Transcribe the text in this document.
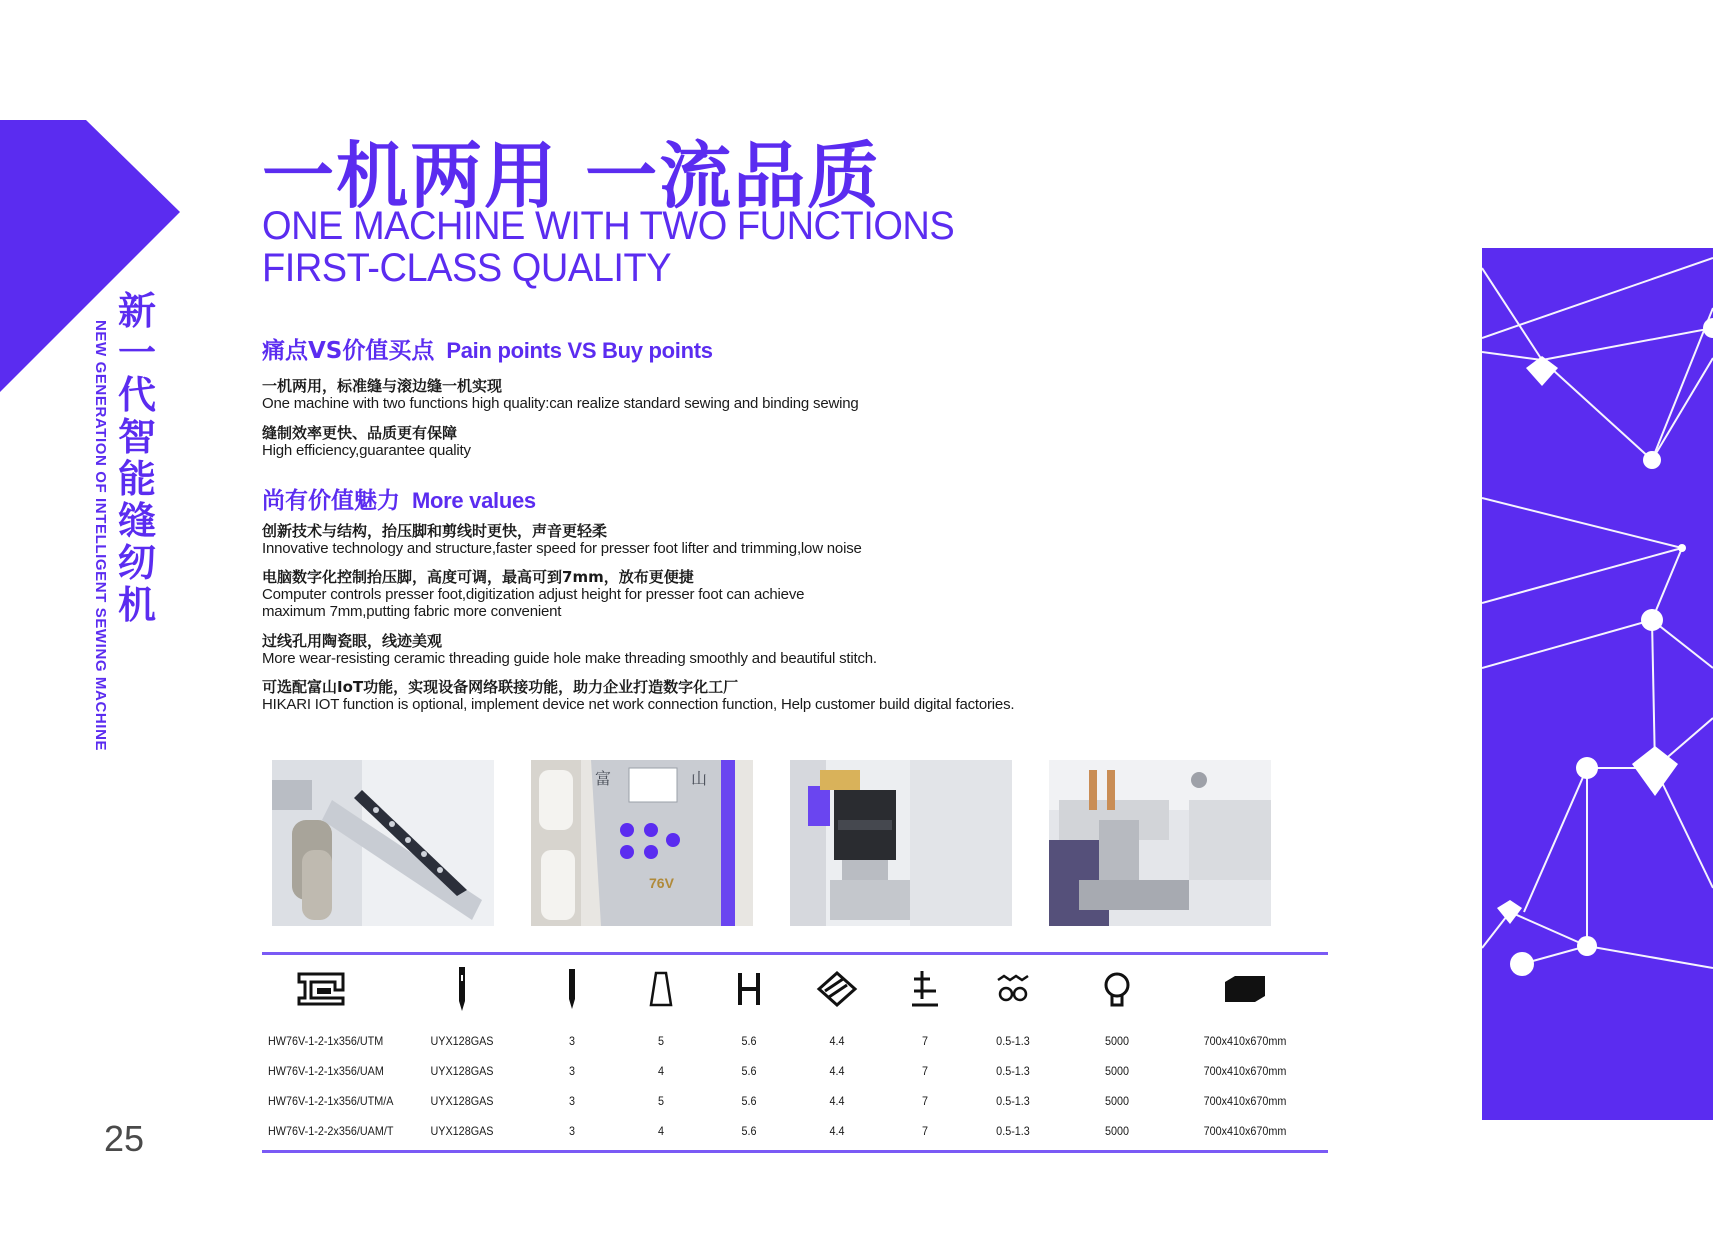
新
一
代
智
能
缝
纫
机
NEW GENERATION OF INTELLIGENT SEWING MACHINE
25
一机两用 一流品质
ONE MACHINE WITH TWO FUNCTIONS
FIRST-CLASS QUALITY
痛点VS价值买点 Pain points VS Buy points
一机两用，标准缝与滚边缝一机实现
One machine with two functions high quality:can realize standard sewing and binding sewing
缝制效率更快、品质更有保障
High efficiency,guarantee quality
尚有价值魅力 More values
创新技术与结构，抬压脚和剪线时更快，声音更轻柔
Innovative technology and structure,faster speed for presser foot lifter and trimming,low noise
电脑数字化控制抬压脚，高度可调，最高可到7mm，放布更便捷
Computer controls presser foot,digitization adjust height for presser foot can achieve
maximum 7mm,putting fabric more convenient
过线孔用陶瓷眼，线迹美观
More wear-resisting ceramic threading guide hole make threading smoothly and beautiful stitch.
可选配富山IoT功能，实现设备网络联接功能，助力企业打造数字化工厂
HIKARI IOT function is optional, implement device net work connection function, Help customer build digital factories.
富	山
76V
HW76V-1-2-1x356/UTM	UYX128GAS	3	5	5.6	4.4	7	0.5-1.3	5000	700x410x670mm
HW76V-1-2-1x356/UAM	UYX128GAS	3	4	5.6	4.4	7	0.5-1.3	5000	700x410x670mm
HW76V-1-2-1x356/UTM/A	UYX128GAS	3	5	5.6	4.4	7	0.5-1.3	5000	700x410x670mm
HW76V-1-2-2x356/UAM/T	UYX128GAS	3	4	5.6	4.4	7	0.5-1.3	5000	700x410x670mm
